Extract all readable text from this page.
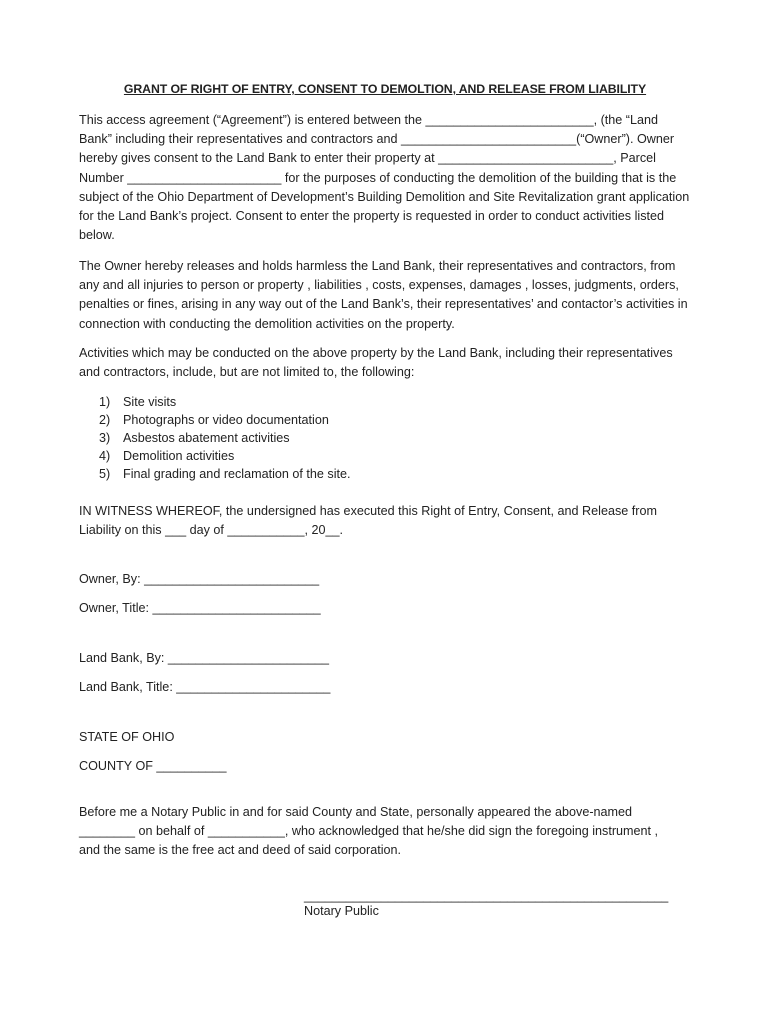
GRANT OF RIGHT OF ENTRY, CONSENT TO DEMOLTION, AND RELEASE FROM LIABILITY
This access agreement (“Agreement”) is entered between the ________________________, (the “Land Bank” including their representatives and contractors and _________________________(“Owner”). Owner hereby gives consent to the Land Bank to enter their property at _________________________, Parcel Number ______________________ for the purposes of conducting the demolition of the building that is the subject of the Ohio Department of Development’s Building Demolition and Site Revitalization grant application for the Land Bank’s project. Consent to enter the property is requested in order to conduct activities listed below.
The Owner hereby releases and holds harmless the Land Bank, their representatives and contractors, from any and all injuries to person or property , liabilities , costs, expenses, damages , losses, judgments, orders, penalties or fines, arising in any way out of the Land Bank’s, their representatives’ and contactor’s activities in connection with conducting the demolition activities on the property.
Activities which may be conducted on the above property by the Land Bank, including their representatives and contractors, include, but are not limited to, the following:
1)	Site visits
2)	Photographs or video documentation
3)	Asbestos abatement activities
4)	Demolition activities
5)	Final grading and reclamation of the site.
IN WITNESS WHEREOF, the undersigned has executed this Right of Entry, Consent, and Release from Liability on this ___ day of ___________, 20__.
Owner, By: _________________________
Owner, Title: ________________________
Land Bank, By: _______________________
Land Bank, Title: ______________________
STATE OF OHIO
COUNTY OF __________
Before me a Notary Public in and for said County and State, personally appeared the above-named ________ on behalf of ___________, who acknowledged that he/she did sign the foregoing instrument , and the same is the free act and deed of said corporation.
____________________________________________________
Notary Public
